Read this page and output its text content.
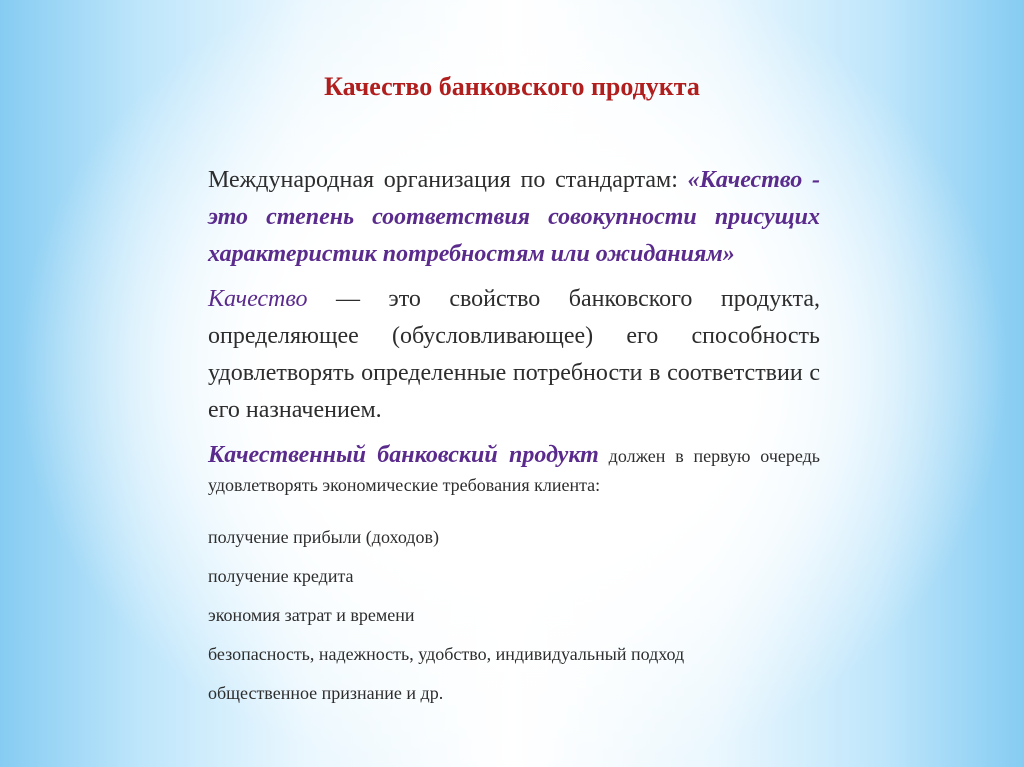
Качество банковского продукта

Международная организация по стандартам: «Качество - это степень соответствия совокупности присущих характеристик потребностям или ожиданиям»

Качество — это свойство банковского продукта, определяющее (обусловливающее) его способность удовлетворять определенные потребности в соответствии с его назначением.

Качественный банковский продукт должен в первую очередь удовлетворять экономические требования клиента:

получение прибыли (доходов)
получение кредита
экономия затрат и времени
безопасность, надежность, удобство, индивидуальный подход
общественное признание и др.
